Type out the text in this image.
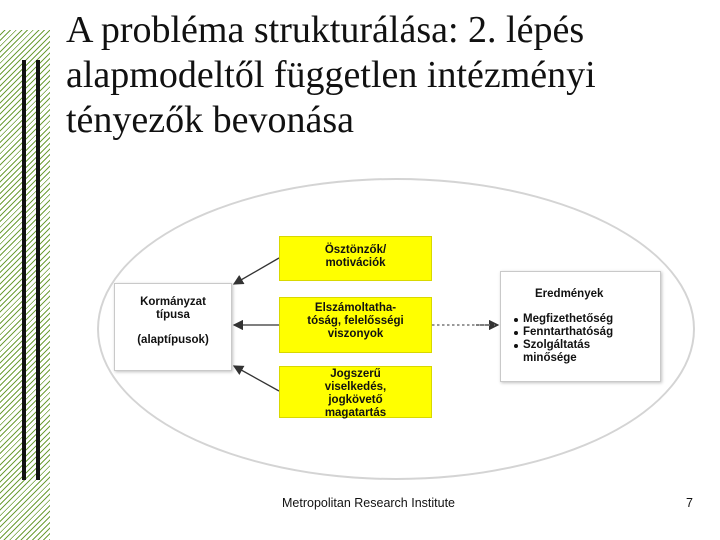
A probléma strukturálása: 2. lépés
alapmodeltől független intézményi
tényezők bevonása
Kormányzat
típusa
(alaptípusok)
Ösztönzők/
motivációk
Elszámoltatha-
tóság, felelősségi
viszonyok
Jogszerű
viselkedés,
jogkövető
magatartás
Eredmények
Megfizethetőség
Fenntarthatóság
Szolgáltatás
minősége
Metropolitan Research Institute	7
